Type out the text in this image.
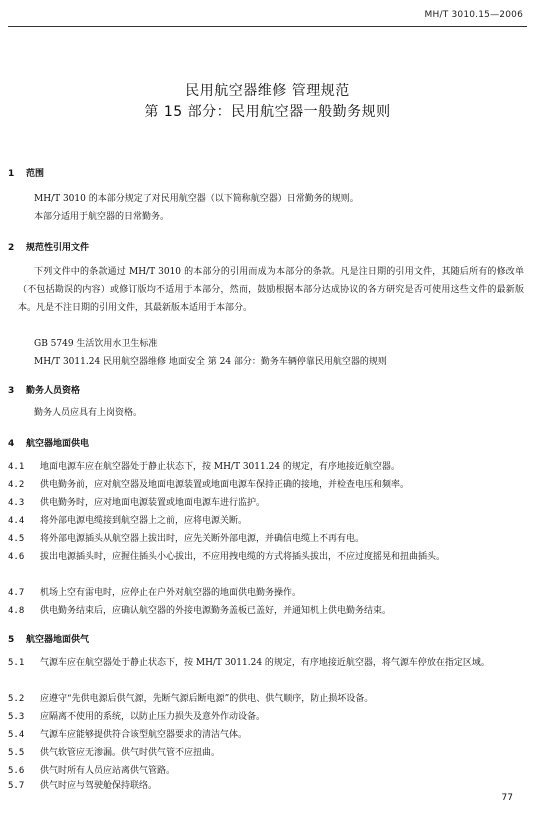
MH/T 3010.15—2006
民用航空器维修 管理规范
第 15 部分：民用航空器一般勤务规则
1 范围
MH/T 3010 的本部分规定了对民用航空器（以下简称航空器）日常勤务的规则。
本部分适用于航空器的日常勤务。
2 规范性引用文件
下列文件中的条款通过 MH/T 3010 的本部分的引用而成为本部分的条款。凡是注日期的引用文件，其随后所有的修改单（不包括勘误的内容）或修订版均不适用于本部分，然而，鼓励根据本部分达成协议的各方研究是否可使用这些文件的最新版本。凡是不注日期的引用文件，其最新版本适用于本部分。
GB 5749 生活饮用水卫生标准
MH/T 3011.24 民用航空器维修 地面安全 第 24 部分：勤务车辆停靠民用航空器的规则
3 勤务人员资格
勤务人员应具有上岗资格。
4 航空器地面供电
4.1 地面电源车应在航空器处于静止状态下，按 MH/T 3011.24 的规定，有序地接近航空器。
4.2 供电勤务前，应对航空器及地面电源装置或地面电源车保持正确的接地，并检查电压和频率。
4.3 供电勤务时，应对地面电源装置或地面电源车进行监护。
4.4 将外部电源电缆接到航空器上之前，应将电源关断。
4.5 将外部电源插头从航空器上拔出时，应先关断外部电源，并确信电缆上不再有电。
4.6 拔出电源插头时，应握住插头小心拔出，不应用拽电缆的方式将插头拔出，不应过度摇晃和扭曲插头。
4.7 机场上空有雷电时，应停止在户外对航空器的地面供电勤务操作。
4.8 供电勤务结束后，应确认航空器的外接电源勤务盖板已盖好，并通知机上供电勤务结束。
5 航空器地面供气
5.1 气源车应在航空器处于静止状态下，按 MH/T 3011.24 的规定，有序地接近航空器，将气源车停放在指定区域。
5.2 应遵守“先供电源后供气源，先断气源后断电源”的供电、供气顺序，防止损坏设备。
5.3 应隔离不使用的系统，以防止压力损失及意外作动设备。
5.4 气源车应能够提供符合该型航空器要求的清洁气体。
5.5 供气软管应无渗漏。供气时供气管不应扭曲。
5.6 供气时所有人员应站离供气管路。
5.7 供气时应与驾驶舱保持联络。
77
